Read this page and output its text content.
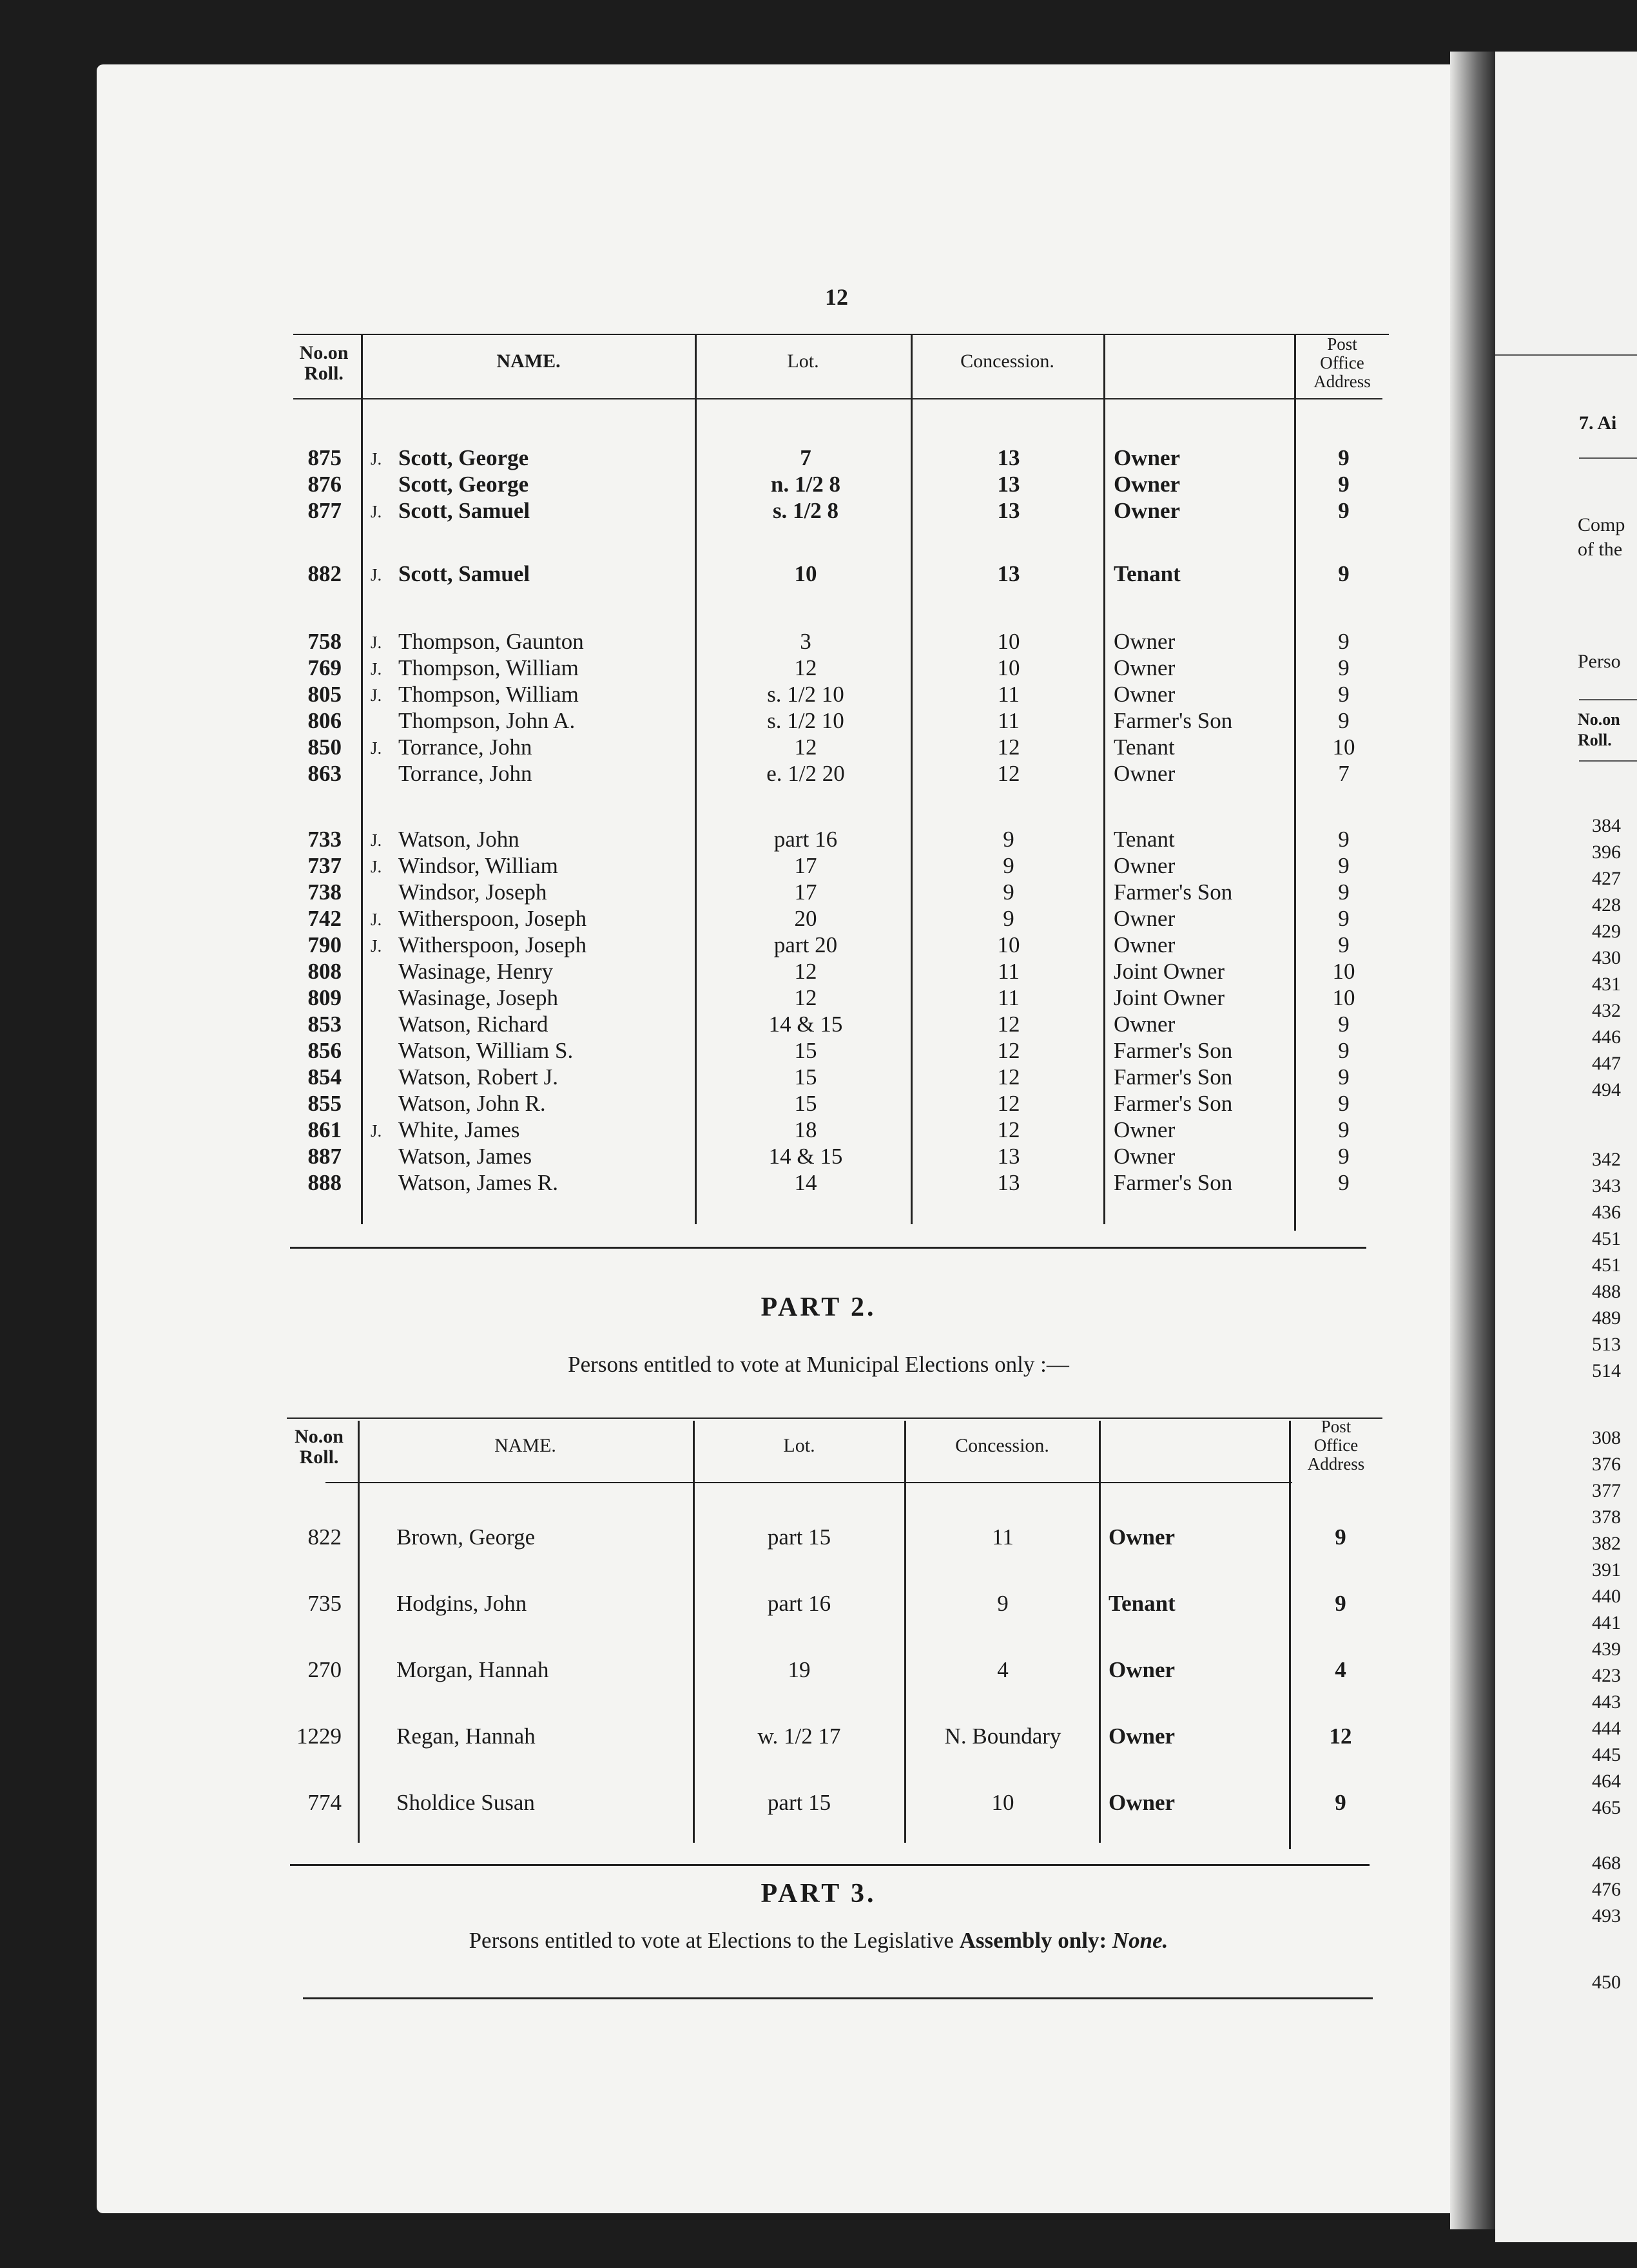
7. Ai
Comp
of the
Perso
No.on
Roll.
384
396
427
428
429
430
431
432
446
447
494
342
343
436
451
451
488
489
513
514
308
376
377
378
382
391
440
441
439
423
443
444
445
464
465
468
476
493
450
12
No.on
Roll.
NAME.	Lot.	Concession.
Post
Office
Address
875 J. Scott, George	7	13	Owner	9
876	Scott, George	n. 1/2 8	13	Owner	9
877 J. Scott, Samuel	s. 1/2 8	13	Owner	9
882 J. Scott, Samuel	10	13	Tenant	9
758 J. Thompson, Gaunton	3	10	Owner	9
769 J. Thompson, William	12	10	Owner	9
805 J. Thompson, William	s. 1/2 10	11	Owner	9
806	Thompson, John A.	s. 1/2 10	11	Farmer's Son	9
850 J. Torrance, John	12	12	Tenant	10
863	Torrance, John	e. 1/2 20	12	Owner	7
733 J. Watson, John	part 16	9	Tenant	9
737 J. Windsor, William	17	9	Owner	9
738	Windsor, Joseph	17	9	Farmer's Son	9
742 J. Witherspoon, Joseph	20	9	Owner	9
790 J. Witherspoon, Joseph	part 20	10	Owner	9
808	Wasinage, Henry	12	11	Joint Owner	10
809	Wasinage, Joseph	12	11	Joint Owner	10
853	Watson, Richard	14 & 15	12	Owner	9
856	Watson, William S.	15	12	Farmer's Son	9
854	Watson, Robert J.	15	12	Farmer's Son	9
855	Watson, John R.	15	12	Farmer's Son	9
861 J. White, James	18	12	Owner	9
887	Watson, James	14 & 15	13	Owner	9
888	Watson, James R.	14	13	Farmer's Son	9
PART 2.
Persons entitled to vote at Municipal Elections only :—
No.on
Roll.
NAME.	Lot.	Concession.
Post
Office
Address
822 Brown, George	part 15	11	Owner	9
735 Hodgins, John	part 16	9	Tenant	9
270 Morgan, Hannah	19	4	Owner	4
1229 Regan, Hannah	w. 1/2 17	N. Boundary	Owner	12
774 Sholdice Susan	part 15	10	Owner	9
PART 3.
Persons entitled to vote at Elections to the Legislative Assembly only: None.
